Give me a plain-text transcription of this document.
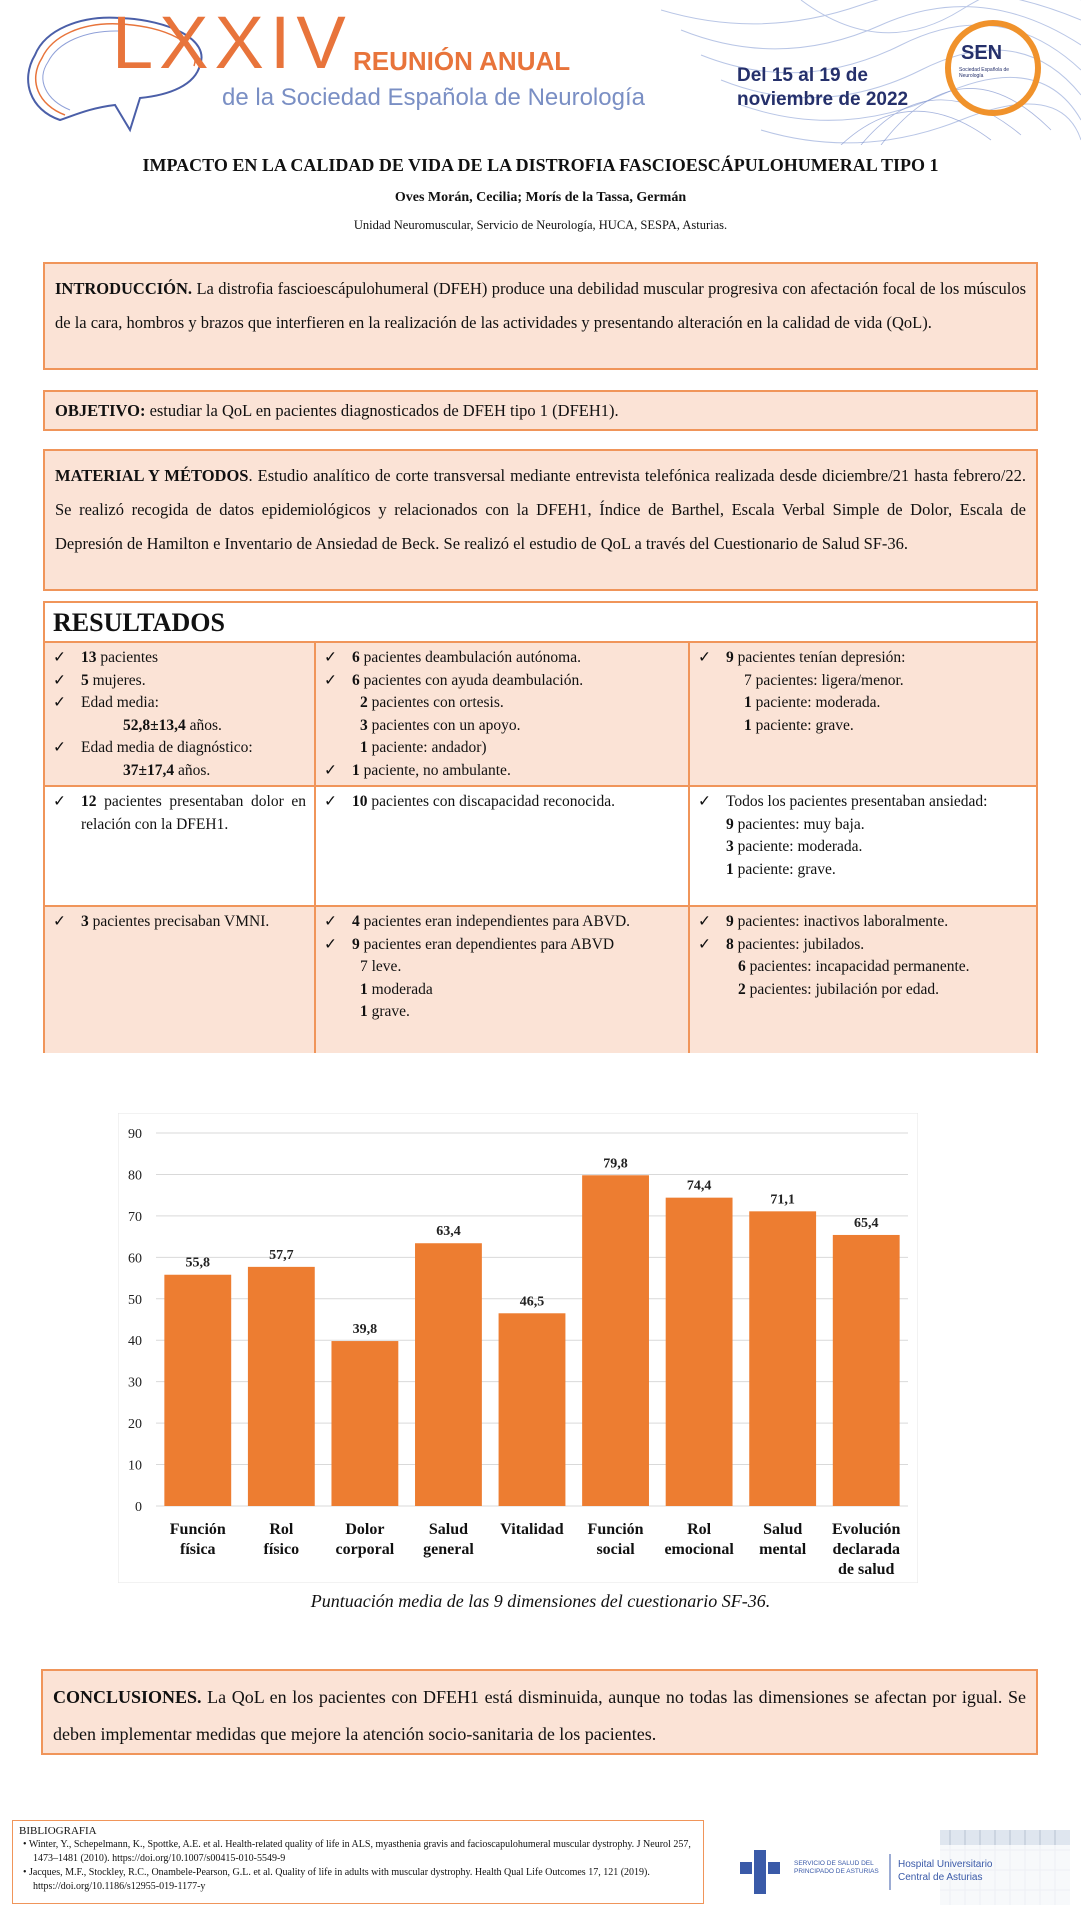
LXXIV REUNIÓN ANUAL
de la Sociedad Española de Neurología
Del 15 al 19 de noviembre de 2022
SEN
Sociedad Española de Neurología
IMPACTO EN LA CALIDAD DE VIDA DE LA DISTROFIA FASCIOESCÁPULOHUMERAL TIPO 1
Oves Morán, Cecilia; Morís de la Tassa, Germán
Unidad Neuromuscular, Servicio de Neurología, HUCA, SESPA, Asturias.
INTRODUCCIÓN. La distrofia fascioescápulohumeral (DFEH) produce una debilidad muscular progresiva con afectación focal de los músculos de la cara, hombros y brazos que interfieren en la realización de las actividades y presentando alteración en la calidad de vida (QoL).
OBJETIVO: estudiar la QoL en pacientes diagnosticados de DFEH tipo 1 (DFEH1).
MATERIAL Y MÉTODOS. Estudio analítico de corte transversal mediante entrevista telefónica realizada desde diciembre/21 hasta febrero/22. Se realizó recogida de datos epidemiológicos y relacionados con la DFEH1, Índice de Barthel, Escala Verbal Simple de Dolor, Escala de Depresión de Hamilton e Inventario de Ansiedad de Beck. Se realizó el estudio de QoL a través del Cuestionario de Salud SF-36.
RESULTADOS
✓ 13 pacientes
✓ 5 mujeres.
✓ Edad media:
52,8±13,4 años.
✓ Edad media de diagnóstico:
37±17,4 años.
✓ 6 pacientes deambulación autónoma.
✓ 6 pacientes con ayuda deambulación.
2 pacientes con ortesis.
3 pacientes con un apoyo.
1 paciente: andador)
✓ 1 paciente, no ambulante.
✓ 9 pacientes tenían depresión:
7 pacientes: ligera/menor.
1 paciente: moderada.
1 paciente: grave.
✓ 12 pacientes presentaban dolor en relación con la DFEH1.
✓ 10 pacientes con discapacidad reconocida.	✓ Todos los pacientes presentaban ansiedad:
9 pacientes: muy baja.
3 paciente: moderada.
1 paciente: grave.
✓ 3 pacientes precisaban VMNI.	✓ 4 pacientes eran independientes para ABVD.
✓ 9 pacientes eran dependientes para ABVD
7 leve.
1 moderada
1 grave.
✓ 9 pacientes: inactivos laboralmente.
✓ 8 pacientes: jubilados.
6 pacientes: incapacidad permanente.
2 pacientes: jubilación por edad.
0
10
20
30
40
50
60
70
80
90
55,8
Función
física
57,7
Rol
físico
39,8
Dolor
corporal
63,4
Salud
general
46,5
Vitalidad
79,8
Función
social
74,4
Rol
emocional
71,1
Salud
mental
65,4
Evolución
declarada
de salud
Puntuación media de las 9 dimensiones del cuestionario SF-36.
CONCLUSIONES. La QoL en los pacientes con DFEH1 está disminuida, aunque no todas las dimensiones se afectan por igual. Se deben implementar medidas que mejore la atención socio-sanitaria de los pacientes.
BIBLIOGRAFIA
• Winter, Y., Schepelmann, K., Spottke, A.E. et al. Health-related quality of life in ALS, myasthenia gravis and facioscapulohumeral muscular dystrophy. J Neurol 257, 1473–1481 (2010). https://doi.org/10.1007/s00415-010-5549-9
• Jacques, M.F., Stockley, R.C., Onambele-Pearson, G.L. et al. Quality of life in adults with muscular dystrophy. Health Qual Life Outcomes 17, 121 (2019). https://doi.org/10.1186/s12955-019-1177-y
SERVICIO DE SALUD DEL PRINCIPADO DE ASTURIAS
Hospital Universitario
Central de Asturias
